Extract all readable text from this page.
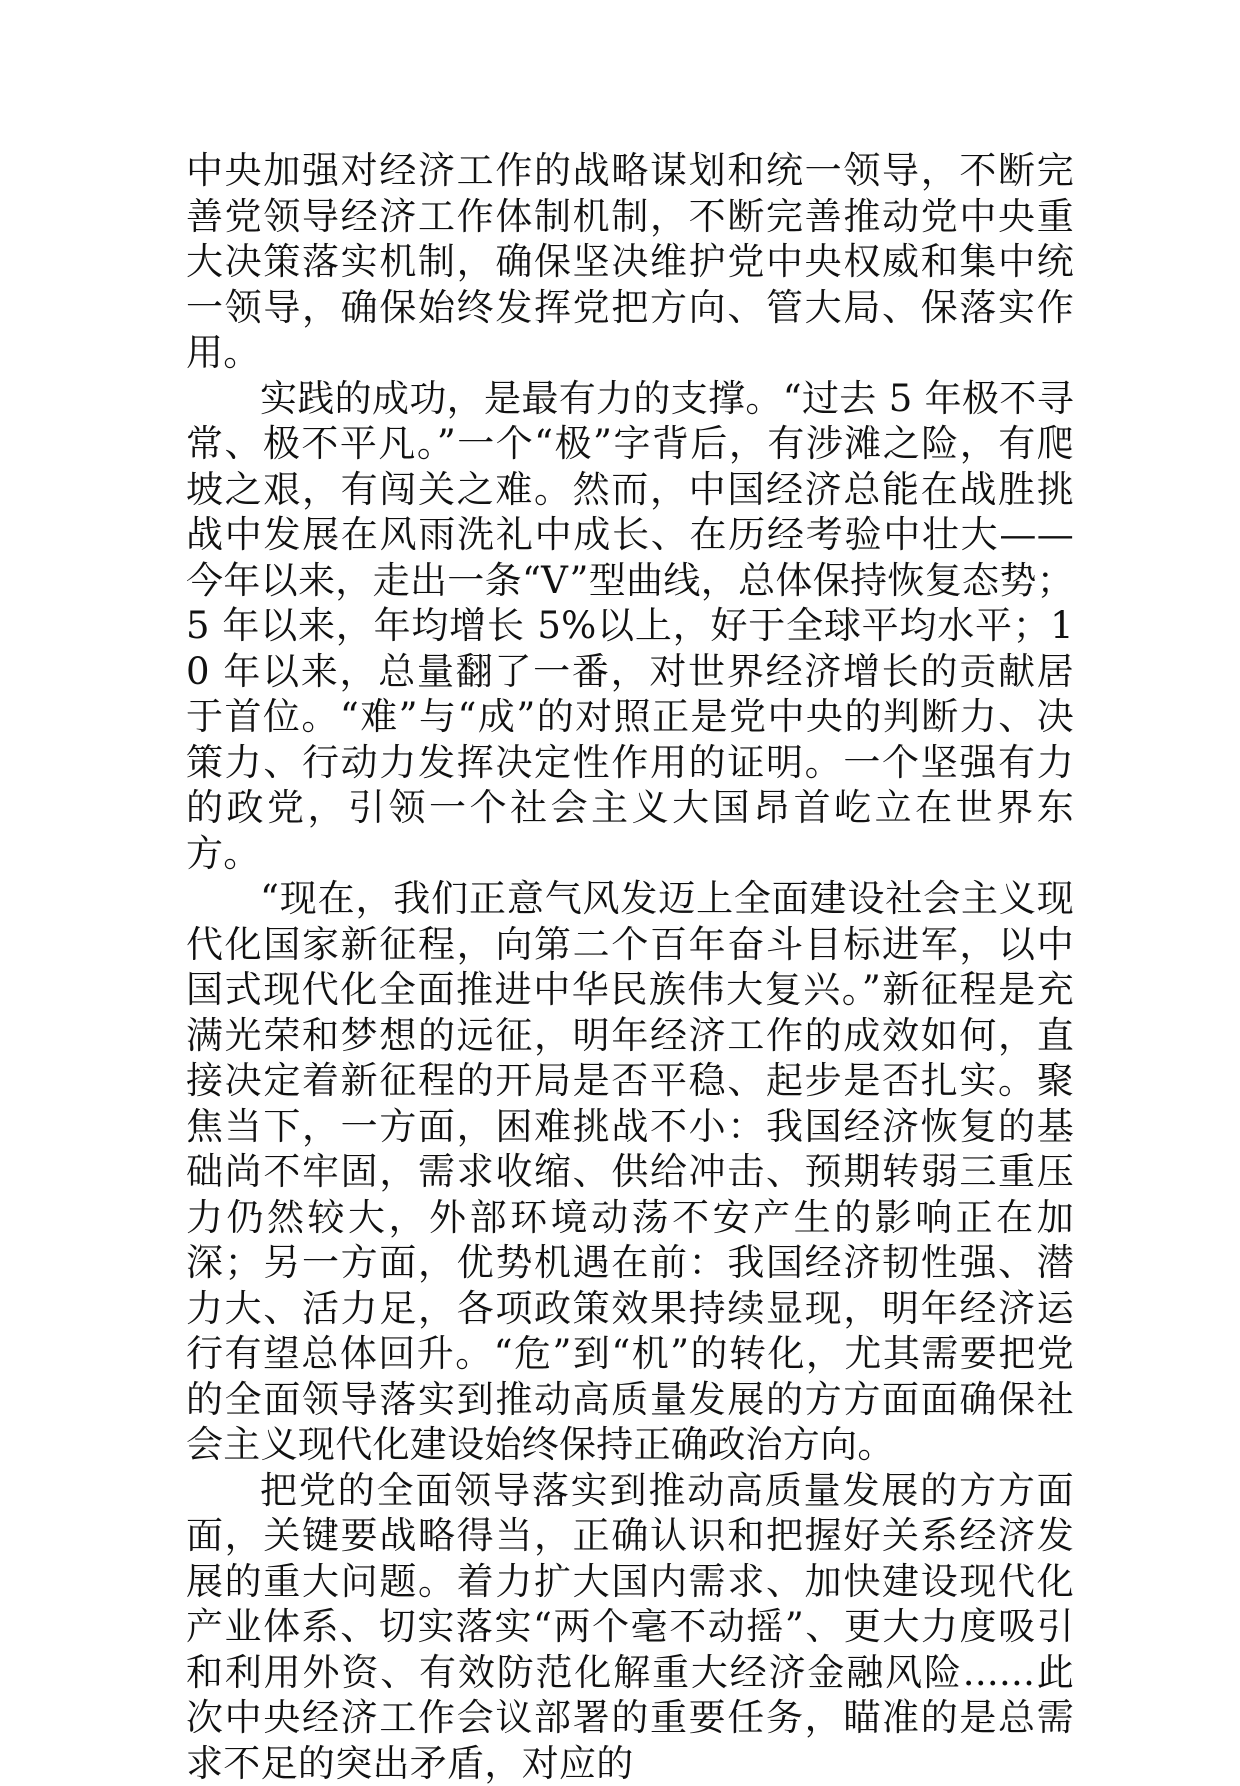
中央加强对经济工作的战略谋划和统一领导，不断完善党领导经济工作体制机制，不断完善推动党中央重大决策落实机制，确保坚决维护党中央权威和集中统一领导，确保始终发挥党把方向、管大局、保落实作用。

实践的成功，是最有力的支撑。“过去 5 年极不寻常、极不平凡。”一个“极”字背后，有涉滩之险，有爬坡之艰，有闯关之难。然而，中国经济总能在战胜挑战中发展在风雨洗礼中成长、在历经考验中壮大——今年以来，走出一条“V”型曲线，总体保持恢复态势；5 年以来，年均增长 5%以上，好于全球平均水平；10 年以来，总量翻了一番，对世界经济增长的贡献居于首位。“难”与“成”的对照正是党中央的判断力、决策力、行动力发挥决定性作用的证明。一个坚强有力的政党，引领一个社会主义大国昂首屹立在世界东方。

“现在，我们正意气风发迈上全面建设社会主义现代化国家新征程，向第二个百年奋斗目标进军，以中国式现代化全面推进中华民族伟大复兴。”新征程是充满光荣和梦想的远征，明年经济工作的成效如何，直接决定着新征程的开局是否平稳、起步是否扎实。聚焦当下，一方面，困难挑战不小：我国经济恢复的基础尚不牢固，需求收缩、供给冲击、预期转弱三重压力仍然较大，外部环境动荡不安产生的影响正在加深；另一方面，优势机遇在前：我国经济韧性强、潜力大、活力足，各项政策效果持续显现，明年经济运行有望总体回升。“危”到“机”的转化，尤其需要把党的全面领导落实到推动高质量发展的方方面面确保社会主义现代化建设始终保持正确政治方向。

把党的全面领导落实到推动高质量发展的方方面面，关键要战略得当，正确认识和把握好关系经济发展的重大问题。着力扩大国内需求、加快建设现代化产业体系、切实落实“两个毫不动摇”、更大力度吸引和利用外资、有效防范化解重大经济金融风险......此次中央经济工作会议部署的重要任务，瞄准的是总需求不足的突出矛盾，对应的
